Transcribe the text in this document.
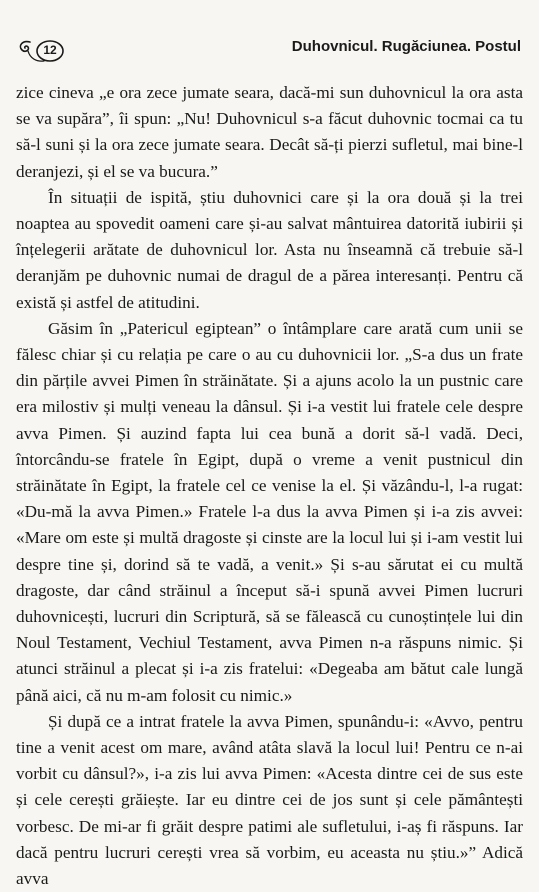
12	Duhovnicul. Rugăciunea. Postul

zice cineva „e ora zece jumate seara, dacă-mi sun duhovnicul la ora asta se va supăra”, îi spun: „Nu! Duhovnicul s-a făcut duhovnic tocmai ca tu să-l suni și la ora zece jumate seara. Decât să-ți pierzi sufletul, mai bine-l deranjezi, și el se va bucura.”

În situații de ispită, știu duhovnici care și la ora două și la trei noaptea au spovedit oameni care și-au salvat mântuirea datorită iubirii și înțelegerii arătate de duhovnicul lor. Asta nu înseamnă că trebuie să-l deranjăm pe duhovnic numai de dragul de a părea interesanți. Pentru că există și astfel de atitudini.

Găsim în „Patericul egiptean” o întâmplare care arată cum unii se fălesc chiar și cu relația pe care o au cu duhovnicii lor. „S-a dus un frate din părțile avvei Pimen în străinătate. Și a ajuns acolo la un pustnic care era milostiv și mulți veneau la dânsul. Și i-a vestit lui fratele cele despre avva Pimen. Și auzind fapta lui cea bună a dorit să-l vadă. Deci, întorcându-se fratele în Egipt, după o vreme a venit pustnicul din străinătate în Egipt, la fratele cel ce venise la el. Și văzându-l, l-a rugat: «Du-mă la avva Pimen.» Fratele l-a dus la avva Pimen și i-a zis avvei: «Mare om este și multă dragoste și cinste are la locul lui și i-am vestit lui despre tine și, dorind să te vadă, a venit.» Și s-au sărutat ei cu multă dragoste, dar când străinul a început să-i spună avvei Pimen lucruri duhovnicești, lucruri din Scriptură, să se fălească cu cunoștințele lui din Noul Testament, Vechiul Testament, avva Pimen n-a răspuns nimic. Și atunci străinul a plecat și i-a zis fratelui: «Degeaba am bătut cale lungă până aici, că nu m-am folosit cu nimic.»

Și după ce a intrat fratele la avva Pimen, spunându-i: «Avvo, pentru tine a venit acest om mare, având atâta slavă la locul lui! Pentru ce n-ai vorbit cu dânsul?», i-a zis lui avva Pimen: «Acesta dintre cei de sus este și cele cerești grăiește. Iar eu dintre cei de jos sunt și cele pământești vorbesc. De mi-ar fi grăit despre patimi ale sufletului, i-aș fi răspuns. Iar dacă pentru lucruri cerești vrea să vorbim, eu aceasta nu știu.»” Adică avva
